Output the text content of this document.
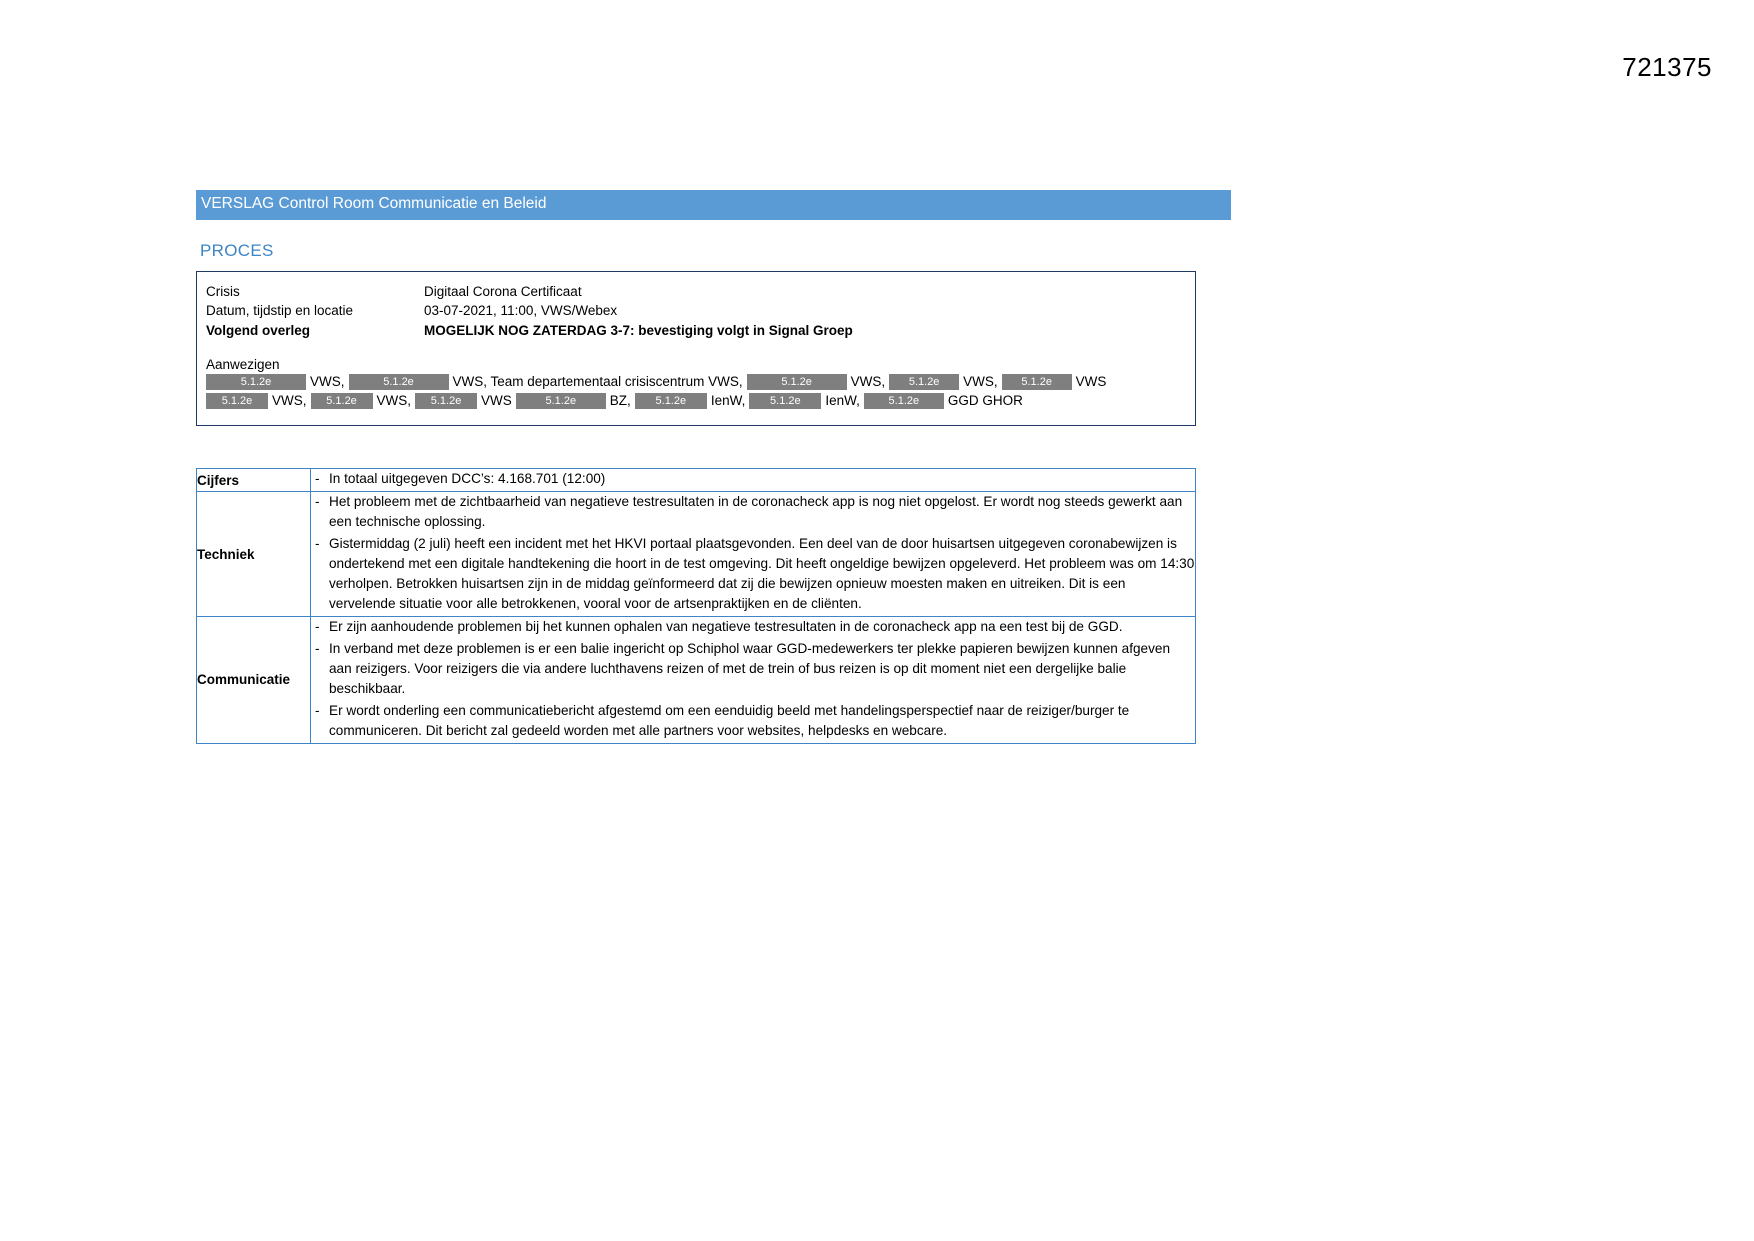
721375
VERSLAG Control Room Communicatie en Beleid
PROCES
Crisis	Digitaal Corona Certificaat
Datum, tijdstip en locatie	03-07-2021, 11:00, VWS/Webex
Volgend overleg	MOGELIJK NOG ZATERDAG 3-7: bevestiging volgt in Signal Groep
Aanwezigen
5.1.2e	VWS,	5.1.2e	VWS, Team departementaal crisiscentrum VWS,	5.1.2e	VWS,	5.1.2e	VWS,	5.1.2e	VWS
5.1.2e	VWS,	5.1.2e	VWS,	5.1.2e	VWS	5.1.2e	BZ,	5.1.2e	IenW,	5.1.2e	IenW,	5.1.2e	GGD GHOR
Cijfers	- In totaal uitgegeven DCC’s: 4.168.701 (12:00)

Techniek	- Het probleem met de zichtbaarheid van negatieve testresultaten in de coronacheck app is nog niet opgelost. Er wordt nog steeds gewerkt aan een technische oplossing.

- Gistermiddag (2 juli) heeft een incident met het HKVI portaal plaatsgevonden. Een deel van de door huisartsen uitgegeven coronabewijzen is ondertekend met een digitale handtekening die hoort in de test omgeving. Dit heeft ongeldige bewijzen opgeleverd. Het probleem was om 14:30 verholpen. Betrokken huisartsen zijn in de middag geïnformeerd dat zij die bewijzen opnieuw moesten maken en uitreiken. Dit is een vervelende situatie voor alle betrokkenen, vooral voor de artsenpraktijken en de cliënten.

Communicatie	- Er zijn aanhoudende problemen bij het kunnen ophalen van negatieve testresultaten in de coronacheck app na een test bij de GGD.

- In verband met deze problemen is er een balie ingericht op Schiphol waar GGD-medewerkers ter plekke papieren bewijzen kunnen afgeven aan reizigers. Voor reizigers die via andere luchthavens reizen of met de trein of bus reizen is op dit moment niet een dergelijke balie beschikbaar.

- Er wordt onderling een communicatiebericht afgestemd om een eenduidig beeld met handelingsperspectief naar de reiziger/burger te communiceren. Dit bericht zal gedeeld worden met alle partners voor websites, helpdesks en webcare.
